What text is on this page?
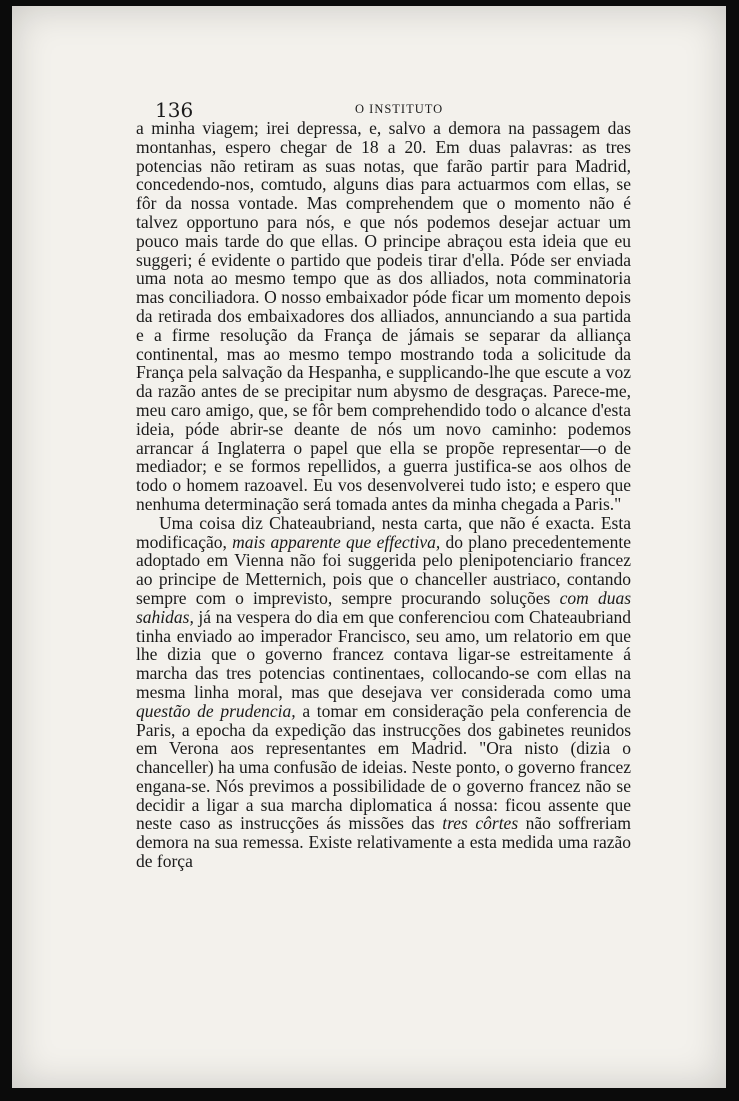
136	O INSTITUTO

a minha viagem; irei depressa, e, salvo a demora na passagem das montanhas, espero chegar de 18 a 20. Em duas palavras: as tres potencias não retiram as suas notas, que farão partir para Madrid, concedendo-nos, comtudo, alguns dias para actuarmos com ellas, se fôr da nossa vontade. Mas comprehendem que o momento não é talvez opportuno para nós, e que nós podemos desejar actuar um pouco mais tarde do que ellas. O principe abraçou esta ideia que eu suggeri; é evidente o partido que podeis tirar d'ella. Póde ser enviada uma nota ao mesmo tempo que as dos alliados, nota comminatoria mas conciliadora. O nosso embaixador póde ficar um momento depois da retirada dos embaixadores dos alliados, annunciando a sua partida e a firme resolução da França de jámais se separar da alliança continental, mas ao mesmo tempo mostrando toda a solicitude da França pela salvação da Hespanha, e supplicando-lhe que escute a voz da razão antes de se precipitar num abysmo de desgraças. Parece-me, meu caro amigo, que, se fôr bem comprehendido todo o alcance d'esta ideia, póde abrir-se deante de nós um novo caminho: podemos arrancar á Inglaterra o papel que ella se propõe representar—o de mediador; e se formos repellidos, a guerra justifica-se aos olhos de todo o homem razoavel. Eu vos desenvolverei tudo isto; e espero que nenhuma determinação será tomada antes da minha chegada a Paris."

Uma coisa diz Chateaubriand, nesta carta, que não é exacta. Esta modificação, mais apparente que effectiva, do plano precedentemente adoptado em Vienna não foi suggerida pelo plenipotenciario francez ao principe de Metternich, pois que o chanceller austriaco, contando sempre com o imprevisto, sempre procurando soluções com duas sahidas, já na vespera do dia em que conferenciou com Chateaubriand tinha enviado ao imperador Francisco, seu amo, um relatorio em que lhe dizia que o governo francez contava ligar-se estreitamente á marcha das tres potencias continentaes, collocando-se com ellas na mesma linha moral, mas que desejava ver considerada como uma questão de prudencia, a tomar em consideração pela conferencia de Paris, a epocha da expedição das instrucções dos gabinetes reunidos em Verona aos representantes em Madrid. "Ora nisto (dizia o chanceller) ha uma confusão de ideias. Neste ponto, o governo francez engana-se. Nós previmos a possibilidade de o governo francez não se decidir a ligar a sua marcha diplomatica á nossa: ficou assente que neste caso as instrucções ás missões das tres côrtes não soffreriam demora na sua remessa. Existe relativamente a esta medida uma razão de força
